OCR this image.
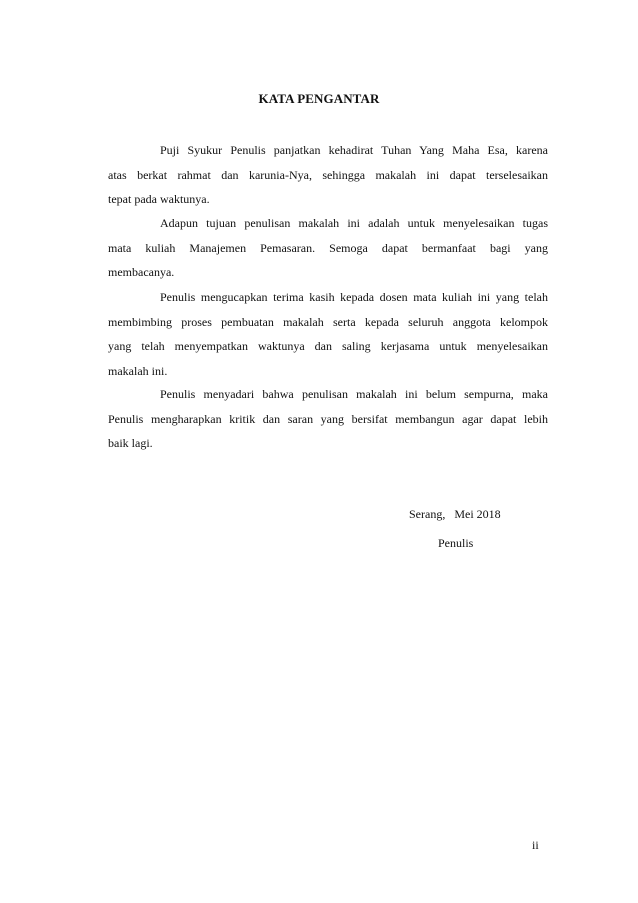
KATA PENGANTAR
Puji Syukur Penulis panjatkan kehadirat Tuhan Yang Maha Esa, karena
atas berkat rahmat dan karunia-Nya, sehingga makalah ini dapat terselesaikan
tepat pada waktunya.
Adapun tujuan penulisan makalah ini adalah untuk menyelesaikan tugas
mata kuliah Manajemen Pemasaran. Semoga dapat bermanfaat bagi yang
membacanya.
Penulis mengucapkan terima kasih kepada dosen mata kuliah ini yang telah
membimbing proses pembuatan makalah serta kepada seluruh anggota kelompok
yang telah menyempatkan waktunya dan saling kerjasama untuk menyelesaikan
makalah ini.
Penulis menyadari bahwa penulisan makalah ini belum sempurna, maka
Penulis mengharapkan kritik dan saran yang bersifat membangun agar dapat lebih
baik lagi.
Serang,   Mei 2018
Penulis
ii
